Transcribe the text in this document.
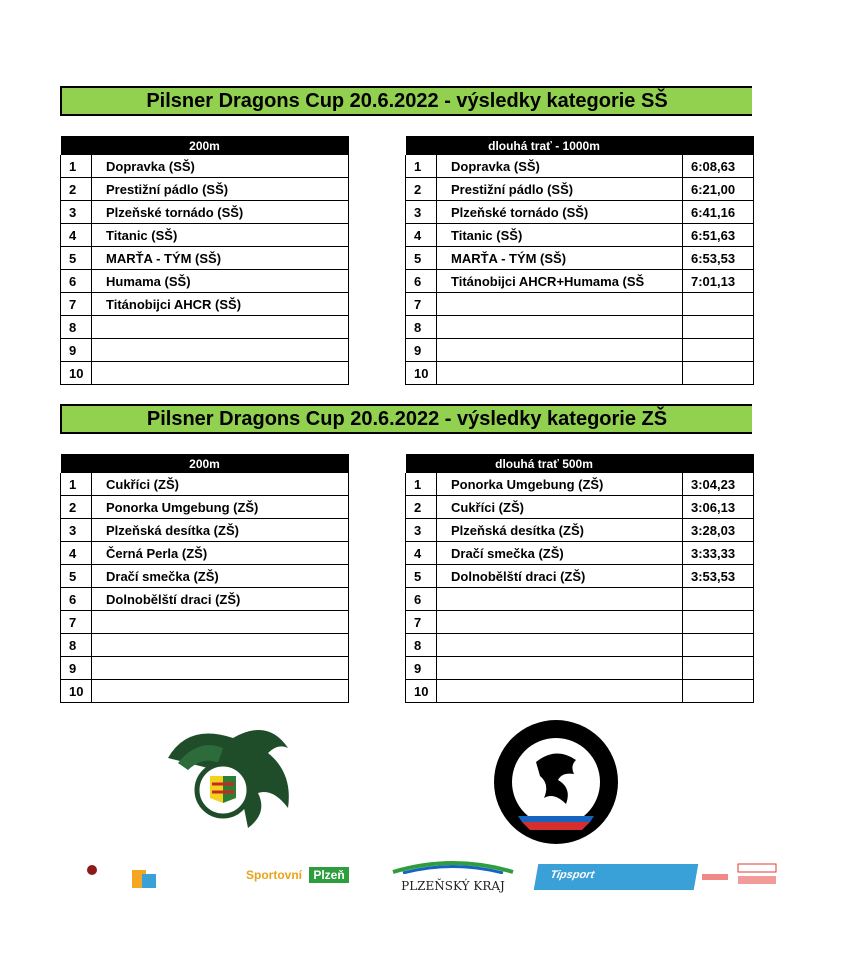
Pilsner Dragons Cup 20.6.2022 - výsledky kategorie SŠ
200m	
1	Dopravka (SŠ)
2	Prestižní pádlo (SŠ)
3	Plzeňské tornádo (SŠ)
4	Titanic (SŠ)
5	MARŤA - TÝM (SŠ)
6	Humama (SŠ)
7	Titánobijci AHCR (SŠ)
8	
9	
10	
dlouhá trať - 1000m		
1	Dopravka (SŠ)	6:08,63
2	Prestižní pádlo (SŠ)	6:21,00
3	Plzeňské tornádo (SŠ)	6:41,16
4	Titanic (SŠ)	6:51,63
5	MARŤA - TÝM (SŠ)	6:53,53
6	Titánobijci AHCR+Humama (SŠ	7:01,13
7		
8		
9		
10		
Pilsner Dragons Cup 20.6.2022 - výsledky kategorie ZŠ
200m	
1	Cukříci (ZŠ)
2	Ponorka Umgebung (ZŠ)
3	Plzeňská desítka (ZŠ)
4	Černá Perla (ZŠ)
5	Dračí smečka (ZŠ)
6	Dolnobělští draci (ZŠ)
7	
8	
9	
10	
dlouhá trať 500m		
1	Ponorka Umgebung (ZŠ)	3:04,23
2	Cukříci (ZŠ)	3:06,13
3	Plzeňská desítka (ZŠ)	3:28,03
4	Dračí smečka (ZŠ)	3:33,33
5	Dolnobělští draci (ZŠ)	3:53,53
6		
7		
8		
9		
10		
Sportovní Plzeň
PLZEŇSKÝ KRAJ
Tipsport
